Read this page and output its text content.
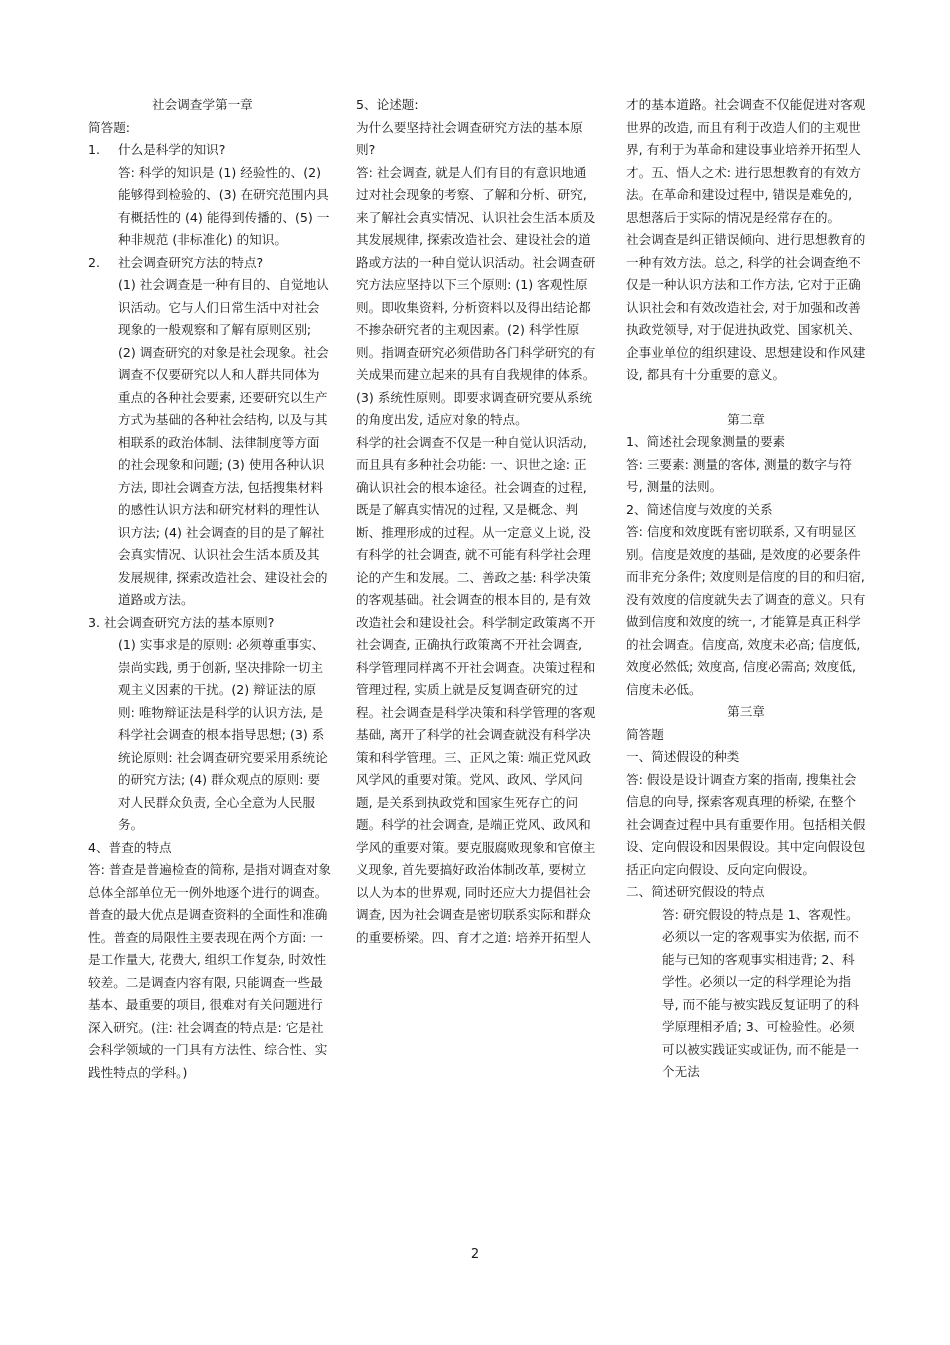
社会调查学第一章

简答题:

1.	什么是科学的知识?

答: 科学的知识是 (1) 经验性的、(2) 能够得到检验的、(3) 在研究范围内具有概括性的 (4) 能得到传播的、(5) 一种非规范 (非标准化) 的知识。

2.	社会调查研究方法的特点?

(1) 社会调查是一种有目的、自觉地认识活动。它与人们日常生活中对社会现象的一般观察和了解有原则区别; (2) 调查研究的对象是社会现象。社会调查不仅要研究以人和人群共同体为重点的各种社会要素, 还要研究以生产方式为基础的各种社会结构, 以及与其相联系的政治体制、法律制度等方面的社会现象和问题; (3) 使用各种认识方法, 即社会调查方法, 包括搜集材料的感性认识方法和研究材料的理性认识方法; (4) 社会调查的目的是了解社会真实情况、认识社会生活本质及其发展规律, 探索改造社会、建设社会的道路或方法。

3. 社会调查研究方法的基本原则?

(1) 实事求是的原则: 必须尊重事实、崇尚实践, 勇于创新, 坚决排除一切主观主义因素的干扰。(2) 辩证法的原则: 唯物辩证法是科学的认识方法, 是科学社会调查的根本指导思想; (3) 系统论原则: 社会调查研究要采用系统论的研究方法; (4) 群众观点的原则: 要对人民群众负责, 全心全意为人民服务。

4、普查的特点

答: 普查是普遍检查的简称, 是指对调查对象总体全部单位无一例外地逐个进行的调查。普查的最大优点是调查资料的全面性和准确性。普查的局限性主要表现在两个方面: 一是工作量大, 花费大, 组织工作复杂, 时效性较差。二是调查内容有限, 只能调查一些最基本、最重要的项目, 很难对有关问题进行深入研究。(注: 社会调查的特点是: 它是社会科学领域的一门具有方法性、综合性、实践性特点的学科。)

5、论述题:

为什么要坚持社会调查研究方法的基本原则?

答: 社会调查, 就是人们有目的有意识地通过对社会现象的考察、了解和分析、研究, 来了解社会真实情况、认识社会生活本质及其发展规律, 探索改造社会、建设社会的道路或方法的一种自觉认识活动。社会调查研究方法应坚持以下三个原则: (1) 客观性原则。即收集资料, 分析资料以及得出结论都不掺杂研究者的主观因素。(2) 科学性原则。指调查研究必须借助各门科学研究的有关成果而建立起来的具有自我规律的体系。(3) 系统性原则。即要求调查研究要从系统的角度出发, 适应对象的特点。

科学的社会调查不仅是一种自觉认识活动, 而且具有多种社会功能: 一、识世之途: 正确认识社会的根本途径。社会调查的过程, 既是了解真实情况的过程, 又是概念、判断、推理形成的过程。从一定意义上说, 没有科学的社会调查, 就不可能有科学社会理论的产生和发展。二、善政之基: 科学决策的客观基础。社会调查的根本目的, 是有效改造社会和建设社会。科学制定政策离不开社会调查, 正确执行政策离不开社会调查, 科学管理同样离不开社会调查。决策过程和管理过程, 实质上就是反复调查研究的过程。社会调查是科学决策和科学管理的客观基础, 离开了科学的社会调查就没有科学决策和科学管理。三、正风之策: 端正党风政风学风的重要对策。党风、政风、学风问题, 是关系到执政党和国家生死存亡的问题。科学的社会调查, 是端正党风、政风和学风的重要对策。要克服腐败现象和官僚主义现象, 首先要搞好政治体制改革, 要树立以人为本的世界观, 同时还应大力提倡社会调查, 因为社会调查是密切联系实际和群众的重要桥梁。四、育才之道: 培养开拓型人

才的基本道路。社会调查不仅能促进对客观世界的改造, 而且有利于改造人们的主观世界, 有利于为革命和建设事业培养开拓型人才。五、悟人之术: 进行思想教育的有效方法。在革命和建设过程中, 错误是难免的, 思想落后于实际的情况是经常存在的。

社会调查是纠正错误倾向、进行思想教育的一种有效方法。总之, 科学的社会调查绝不仅是一种认识方法和工作方法, 它对于正确认识社会和有效改造社会, 对于加强和改善执政党领导, 对于促进执政党、国家机关、企事业单位的组织建设、思想建设和作风建设, 都具有十分重要的意义。

第二章

1、简述社会现象测量的要素

答: 三要素: 测量的客体, 测量的数字与符号, 测量的法则。

2、简述信度与效度的关系

答: 信度和效度既有密切联系, 又有明显区别。信度是效度的基础, 是效度的必要条件而非充分条件; 效度则是信度的目的和归宿, 没有效度的信度就失去了调查的意义。只有做到信度和效度的统一, 才能算是真正科学的社会调查。信度高, 效度未必高; 信度低, 效度必然低; 效度高, 信度必需高; 效度低, 信度未必低。

第三章

简答题

一、简述假设的种类

答: 假设是设计调查方案的指南, 搜集社会信息的向导, 探索客观真理的桥梁, 在整个社会调查过程中具有重要作用。包括相关假设、定向假设和因果假设。其中定向假设包括正向定向假设、反向定向假设。

二、简述研究假设的特点

答: 研究假设的特点是 1、客观性。必须以一定的客观事实为依据, 而不能与已知的客观事实相违背; 2、科学性。必须以一定的科学理论为指导, 而不能与被实践反复证明了的科学原理相矛盾; 3、可检验性。必须可以被实践证实或证伪, 而不能是一个无法

2
